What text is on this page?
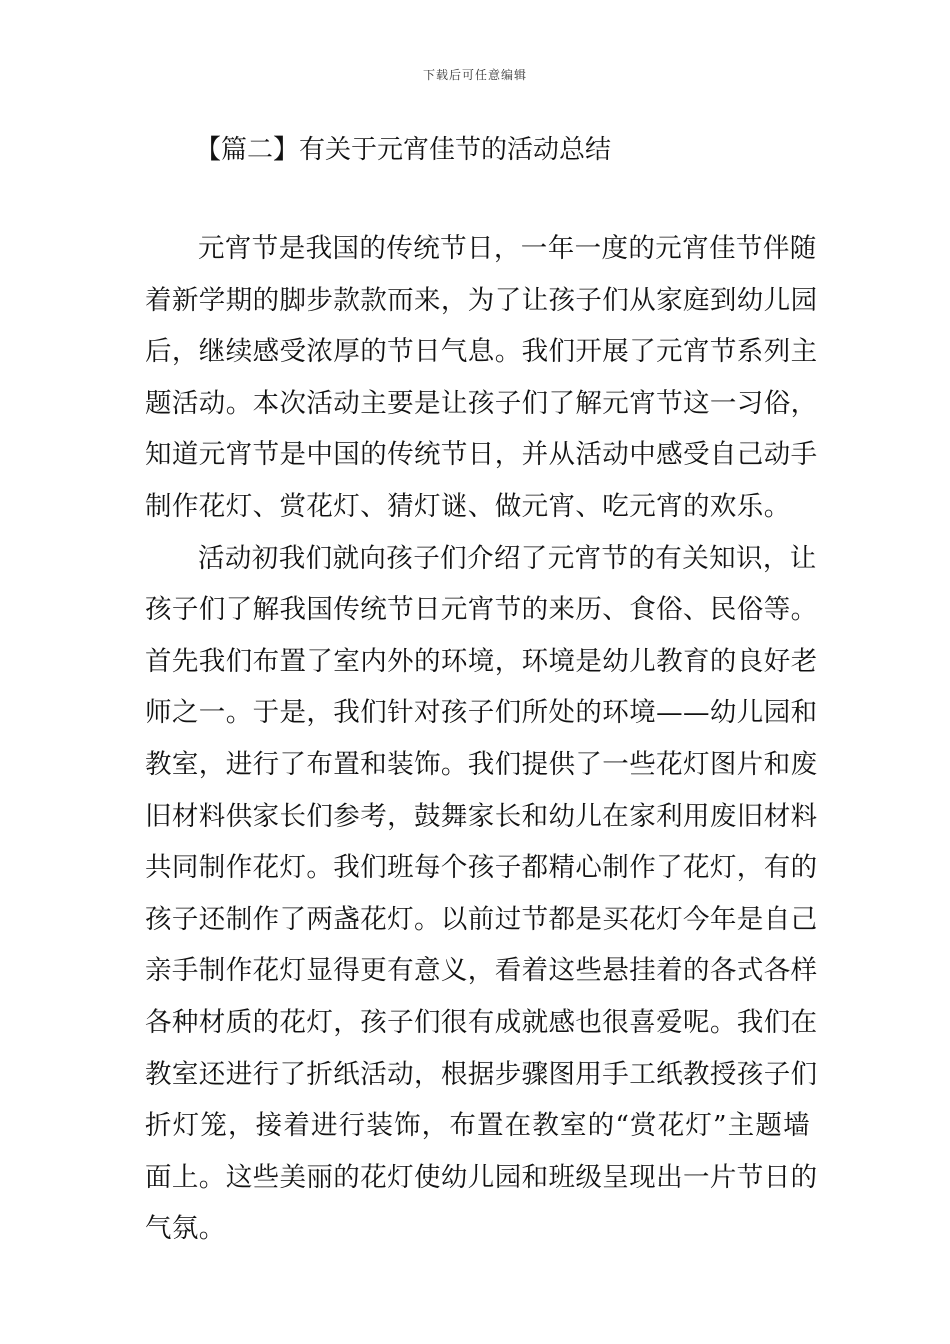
下载后可任意编辑
【篇二】有关于元宵佳节的活动总结
元宵节是我国的传统节日，一年一度的元宵佳节伴随
着新学期的脚步款款而来，为了让孩子们从家庭到幼儿园
后，继续感受浓厚的节日气息。我们开展了元宵节系列主
题活动。本次活动主要是让孩子们了解元宵节这一习俗，
知道元宵节是中国的传统节日，并从活动中感受自己动手
制作花灯、赏花灯、猜灯谜、做元宵、吃元宵的欢乐。
活动初我们就向孩子们介绍了元宵节的有关知识，让
孩子们了解我国传统节日元宵节的来历、食俗、民俗等。
首先我们布置了室内外的环境，环境是幼儿教育的良好老
师之一。于是，我们针对孩子们所处的环境——幼儿园和
教室，进行了布置和装饰。我们提供了一些花灯图片和废
旧材料供家长们参考，鼓舞家长和幼儿在家利用废旧材料
共同制作花灯。我们班每个孩子都精心制作了花灯，有的
孩子还制作了两盏花灯。以前过节都是买花灯今年是自己
亲手制作花灯显得更有意义，看着这些悬挂着的各式各样
各种材质的花灯，孩子们很有成就感也很喜爱呢。我们在
教室还进行了折纸活动，根据步骤图用手工纸教授孩子们
折灯笼，接着进行装饰，布置在教室的“赏花灯”主题墙
面上。这些美丽的花灯使幼儿园和班级呈现出一片节日的
气氛。
